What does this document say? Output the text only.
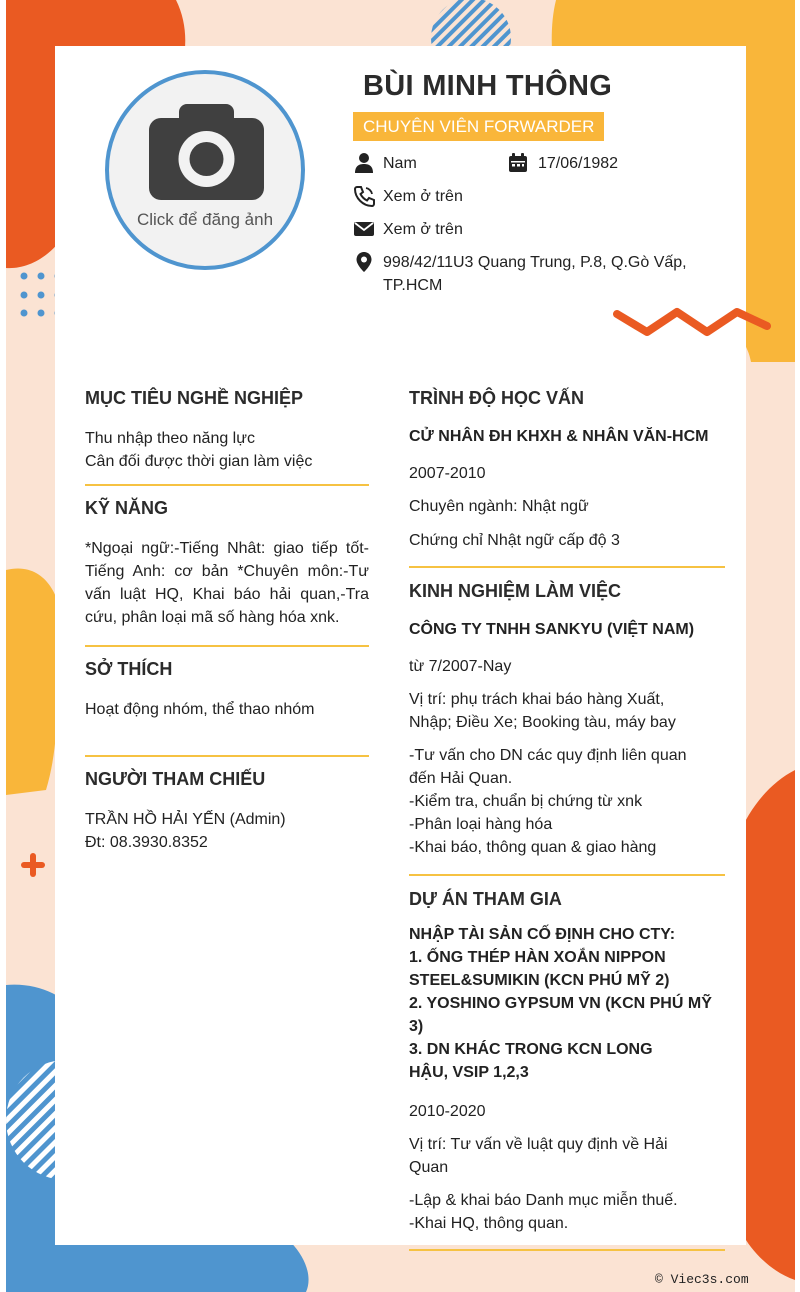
Click để đăng ảnh
BÙI MINH THÔNG
CHUYÊN VIÊN FORWARDER
Nam	17/06/1982
Xem ở trên
Xem ở trên
998/42/11U3 Quang Trung, P.8, Q.Gò Vấp,
TP.HCM
MỤC TIÊU NGHỀ NGHIỆP
Thu nhập theo năng lực
Cân đối được thời gian làm việc
KỸ NĂNG
*Ngoại ngữ:-Tiếng Nhât: giao tiếp tốt-
Tiếng Anh: cơ bản *Chuyên môn:-Tư
vấn luật HQ, Khai báo hải quan,-Tra
cứu, phân loại mã số hàng hóa xnk.
SỞ THÍCH
Hoạt động nhóm, thể thao nhóm
NGƯỜI THAM CHIẾU
TRẦN HỒ HẢI YẾN (Admin)
Đt: 08.3930.8352
TRÌNH ĐỘ HỌC VẤN
CỬ NHÂN ĐH KHXH & NHÂN VĂN-HCM
2007-2010
Chuyên ngành: Nhật ngữ
Chứng chỉ Nhật ngữ cấp độ 3
KINH NGHIỆM LÀM VIỆC
CÔNG TY TNHH SANKYU (VIỆT NAM)
từ 7/2007-Nay
Vị trí: phụ trách khai báo hàng Xuất,
Nhập; Điều Xe; Booking tàu, máy bay
-Tư vấn cho DN các quy định liên quan
đến Hải Quan.
-Kiểm tra, chuẩn bị chứng từ xnk
-Phân loại hàng hóa
-Khai báo, thông quan & giao hàng
DỰ ÁN THAM GIA
NHẬP TÀI SẢN CỐ ĐỊNH CHO CTY:
1. ỐNG THÉP HÀN XOẮN NIPPON
STEEL&SUMIKIN (KCN PHÚ MỸ 2)
2. YOSHINO GYPSUM VN (KCN PHÚ MỸ
3)
3. DN KHÁC TRONG KCN LONG
HẬU, VSIP 1,2,3
2010-2020
Vị trí: Tư vấn về luật quy định về Hải
Quan
-Lập & khai báo Danh mục miễn thuế.
-Khai HQ, thông quan.
© Viec3s.com
